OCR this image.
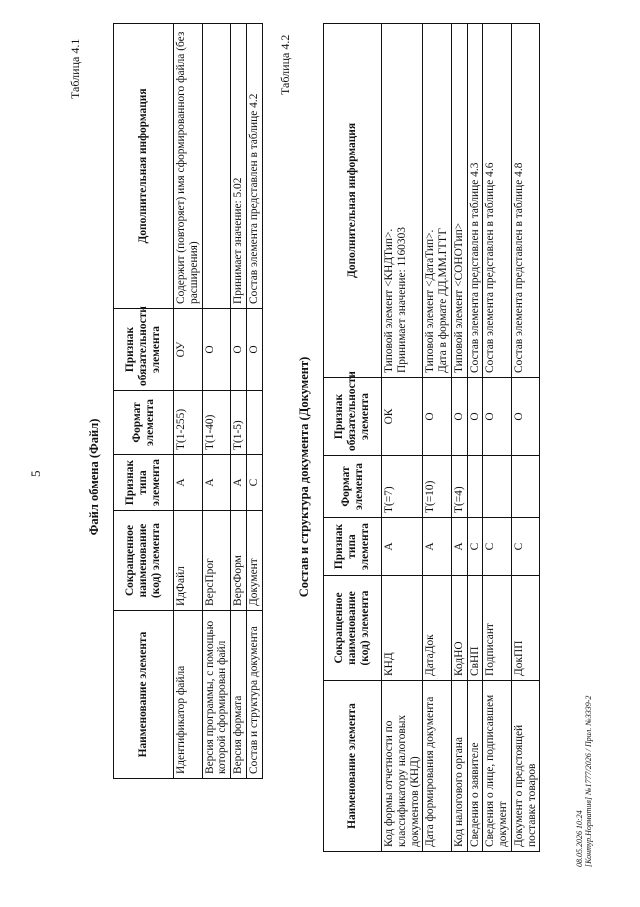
5
Таблица 4.1
Файл обмена (Файл)
Наименование элемента	Сокращенное наименование (код) элемента	Признак типа элемента	Формат элемента	Признак обязательности элемента	Дополнительная информация
Идентификатор файла	ИдФайл	А	Т(1-255)	ОУ	Содержит (повторяет) имя сформированного файла (без расширения)
Версия программы, с помощью которой сформирован файл	ВерсПрог	А	Т(1-40)	О	
Версия формата	ВерсФорм	А	Т(1-5)	О	Принимает значение: 5.02
Состав и структура документа	Документ	С		О	Состав элемента представлен в таблице 4.2
Таблица 4.2
Состав и структура документа (Документ)
Наименование элемента	Сокращенное наименование (код) элемента	Признак типа элемента	Формат элемента	Признак обязательности элемента	Дополнительная информация
Код формы отчетности по классификатору налоговых документов (КНД)	КНД	А	Т(=7)	ОК	Типовой элемент <КНДТип>.
Принимает значение: 1160303
Дата формирования документа	ДатаДок	А	Т(=10)	О	Типовой элемент <ДатаТип>.
Дата в формате ДД.ММ.ГГГГ
Код налогового органа	КодНО	А	Т(=4)	О	Типовой элемент <СОНОТип>
Сведения о заявителе	СвНП	С		О	Состав элемента представлен в таблице 4.3
Сведения о лице, подписавшем документ	Подписант	С		О	Состав элемента представлен в таблице 4.6
Документ о предстоящей поставке товаров	ДокПП	С		О	Состав элемента представлен в таблице 4.8
08.05.2026 10:24 [Контур.Норматив] №1777/2026 / Прил. №3339-2
